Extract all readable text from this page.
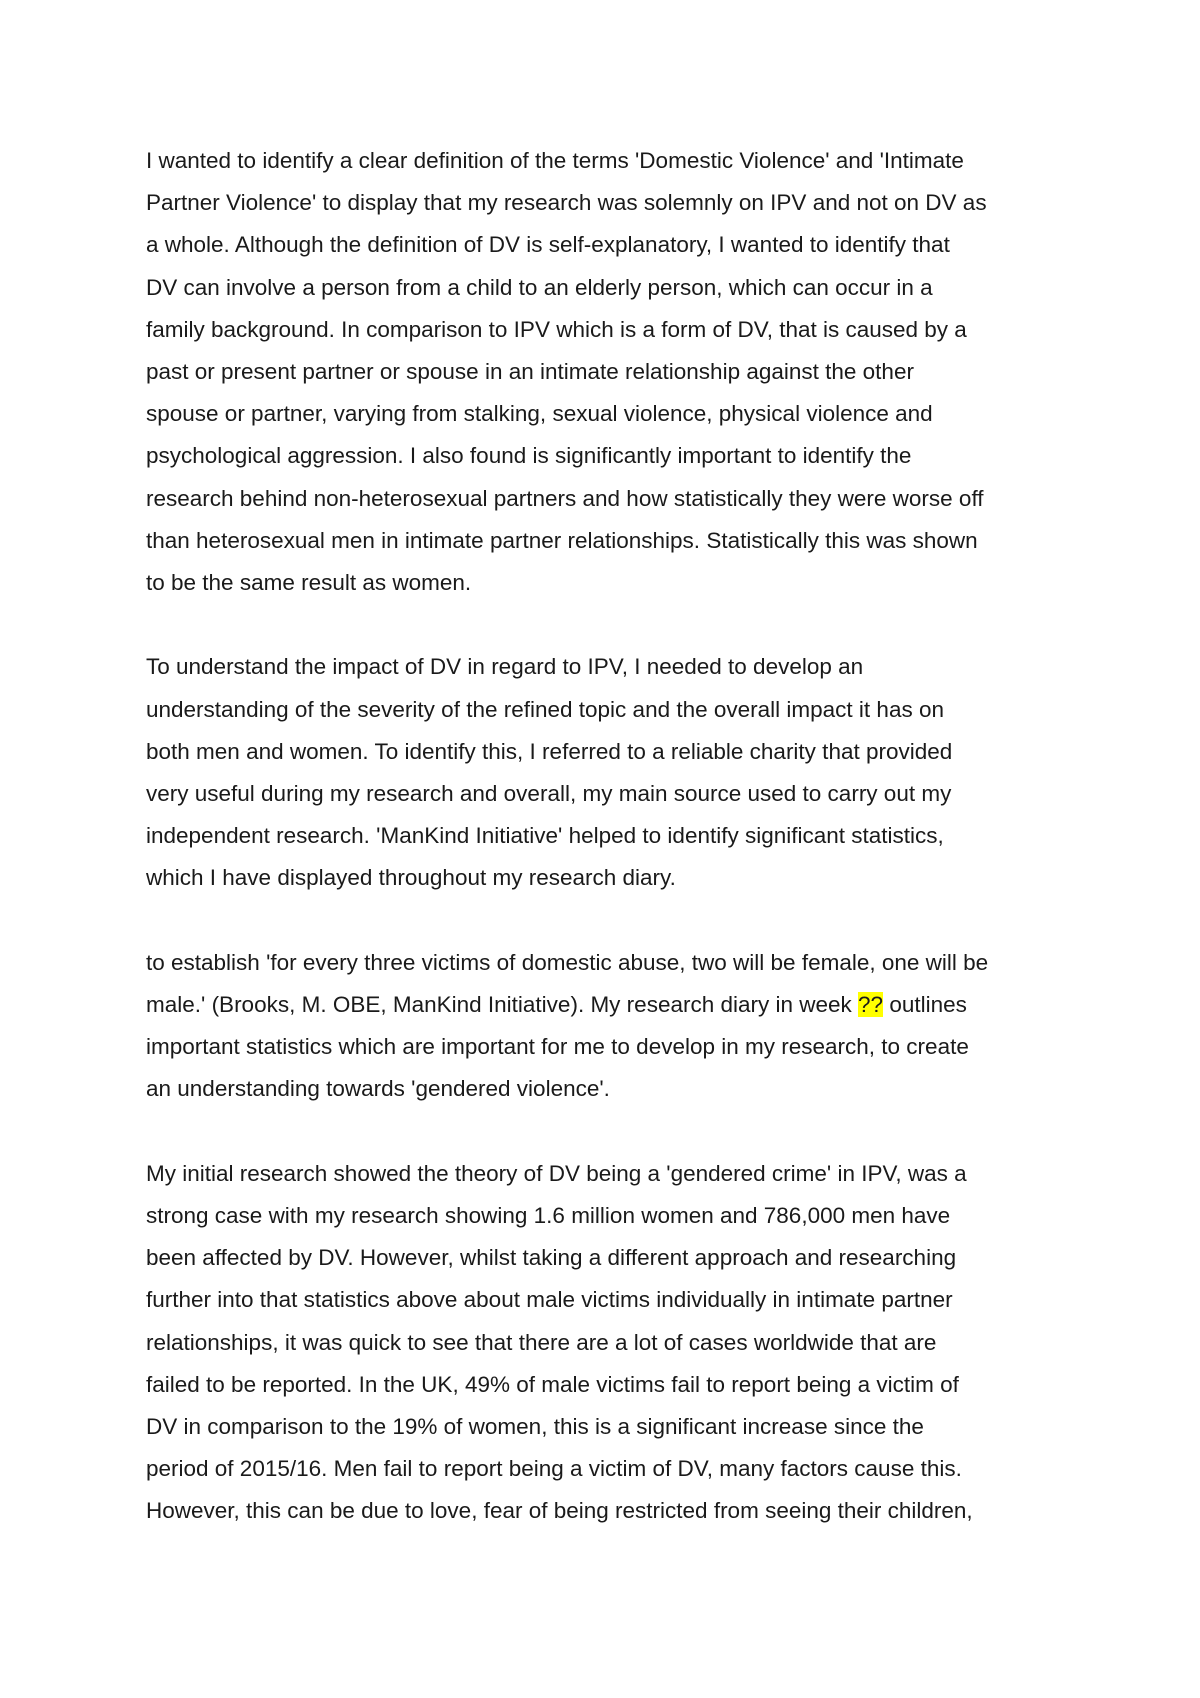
I wanted to identify a clear definition of the terms 'Domestic Violence' and 'Intimate
Partner Violence' to display that my research was solemnly on IPV and not on DV as
a whole. Although the definition of DV is self-explanatory, I wanted to identify that
DV can involve a person from a child to an elderly person, which can occur in a
family background. In comparison to IPV which is a form of DV, that is caused by a
past or present partner or spouse in an intimate relationship against the other
spouse or partner, varying from stalking, sexual violence, physical violence and
psychological aggression. I also found is significantly important to identify the
research behind non-heterosexual partners and how statistically they were worse off
than heterosexual men in intimate partner relationships. Statistically this was shown
to be the same result as women.

To understand the impact of DV in regard to IPV, I needed to develop an
understanding of the severity of the refined topic and the overall impact it has on
both men and women. To identify this, I referred to a reliable charity that provided
very useful during my research and overall, my main source used to carry out my
independent research. 'ManKind Initiative' helped to identify significant statistics,
which I have displayed throughout my research diary.

to establish 'for every three victims of domestic abuse, two will be female, one will be
male.' (Brooks, M. OBE, ManKind Initiative). My research diary in week ?? outlines
important statistics which are important for me to develop in my research, to create
an understanding towards 'gendered violence'.

My initial research showed the theory of DV being a 'gendered crime' in IPV, was a
strong case with my research showing 1.6 million women and 786,000 men have
been affected by DV. However, whilst taking a different approach and researching
further into that statistics above about male victims individually in intimate partner
relationships, it was quick to see that there are a lot of cases worldwide that are
failed to be reported. In the UK, 49% of male victims fail to report being a victim of
DV in comparison to the 19% of women, this is a significant increase since the
period of 2015/16. Men fail to report being a victim of DV, many factors cause this.
However, this can be due to love, fear of being restricted from seeing their children,
